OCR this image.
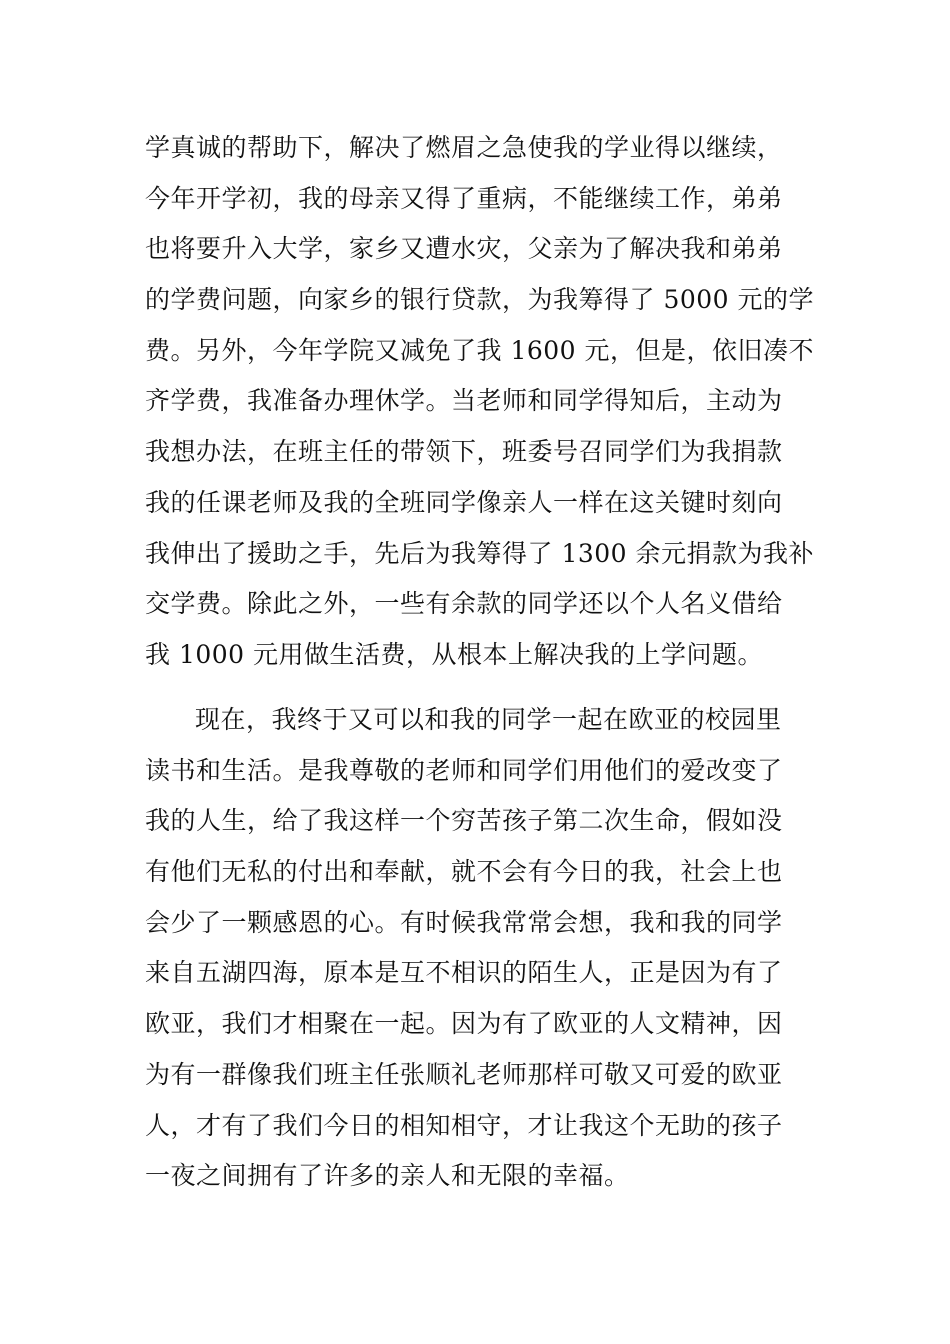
学真诚的帮助下，解决了燃眉之急使我的学业得以继续，
今年开学初，我的母亲又得了重病，不能继续工作，弟弟
也将要升入大学，家乡又遭水灾，父亲为了解决我和弟弟
的学费问题，向家乡的银行贷款，为我筹得了 5000 元的学
费。另外，今年学院又减免了我 1600 元，但是，依旧凑不
齐学费，我准备办理休学。当老师和同学得知后，主动为
我想办法，在班主任的带领下，班委号召同学们为我捐款
我的任课老师及我的全班同学像亲人一样在这关键时刻向
我伸出了援助之手，先后为我筹得了 1300 余元捐款为我补
交学费。除此之外，一些有余款的同学还以个人名义借给
我 1000 元用做生活费，从根本上解决我的上学问题。
现在，我终于又可以和我的同学一起在欧亚的校园里
读书和生活。是我尊敬的老师和同学们用他们的爱改变了
我的人生，给了我这样一个穷苦孩子第二次生命，假如没
有他们无私的付出和奉献，就不会有今日的我，社会上也
会少了一颗感恩的心。有时候我常常会想，我和我的同学
来自五湖四海，原本是互不相识的陌生人，正是因为有了
欧亚，我们才相聚在一起。因为有了欧亚的人文精神，因
为有一群像我们班主任张顺礼老师那样可敬又可爱的欧亚
人，才有了我们今日的相知相守，才让我这个无助的孩子
一夜之间拥有了许多的亲人和无限的幸福。
